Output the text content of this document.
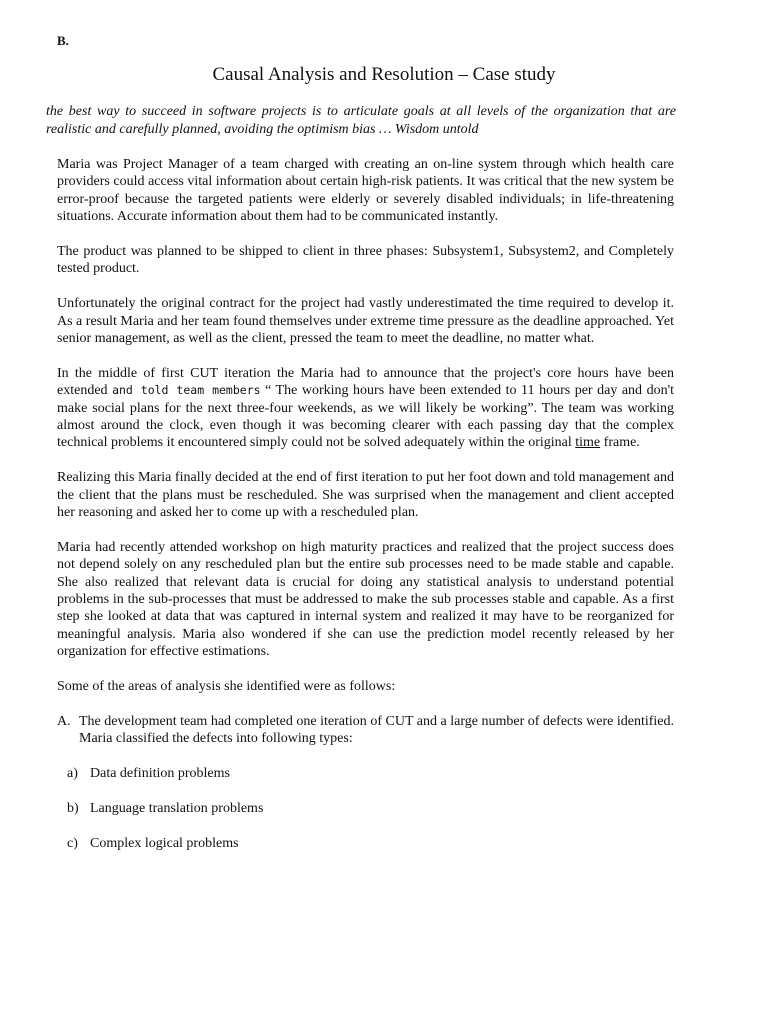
B.
Causal Analysis and Resolution – Case study
the best way to succeed in software projects is to articulate goals at all levels of the organization that are realistic and carefully planned, avoiding the optimism bias … Wisdom untold

Maria was Project Manager of a team charged with creating an on-line system through which health care providers could access vital information about certain high-risk patients. It was critical that the new system be error-proof because the targeted patients were elderly or severely disabled individuals; in life-threatening situations. Accurate information about them had to be communicated instantly.

The product was planned to be shipped to client in three phases: Subsystem1, Subsystem2, and Completely tested product.

Unfortunately the original contract for the project had vastly underestimated the time required to develop it. As a result Maria and her team found themselves under extreme time pressure as the deadline approached. Yet senior management, as well as the client, pressed the team to meet the deadline, no matter what.

In the middle of first CUT iteration the Maria had to announce that the project's core hours have been extended and told team members “ The working hours have been extended to 11 hours per day and don't make social plans for the next three-four weekends, as we will likely be working”. The team was working almost around the clock, even though it was becoming clearer with each passing day that the complex technical problems it encountered simply could not be solved adequately within the original time frame.

Realizing this Maria finally decided at the end of first iteration to put her foot down and told management and the client that the plans must be rescheduled. She was surprised when the management and client accepted her reasoning and asked her to come up with a rescheduled plan.

Maria had recently attended workshop on high maturity practices and realized that the project success does not depend solely on any rescheduled plan but the entire sub processes need to be made stable and capable. She also realized that relevant data is crucial for doing any statistical analysis to understand potential problems in the sub-processes that must be addressed to make the sub processes stable and capable. As a first step she looked at data that was captured in internal system and realized it may have to be reorganized for meaningful analysis. Maria also wondered if she can use the prediction model recently released by her organization for effective estimations.

Some of the areas of analysis she identified were as follows:

A. The development team had completed one iteration of CUT and a large number of defects were identified. Maria classified the defects into following types:
a) Data definition problems
b) Language translation problems
c) Complex logical problems
